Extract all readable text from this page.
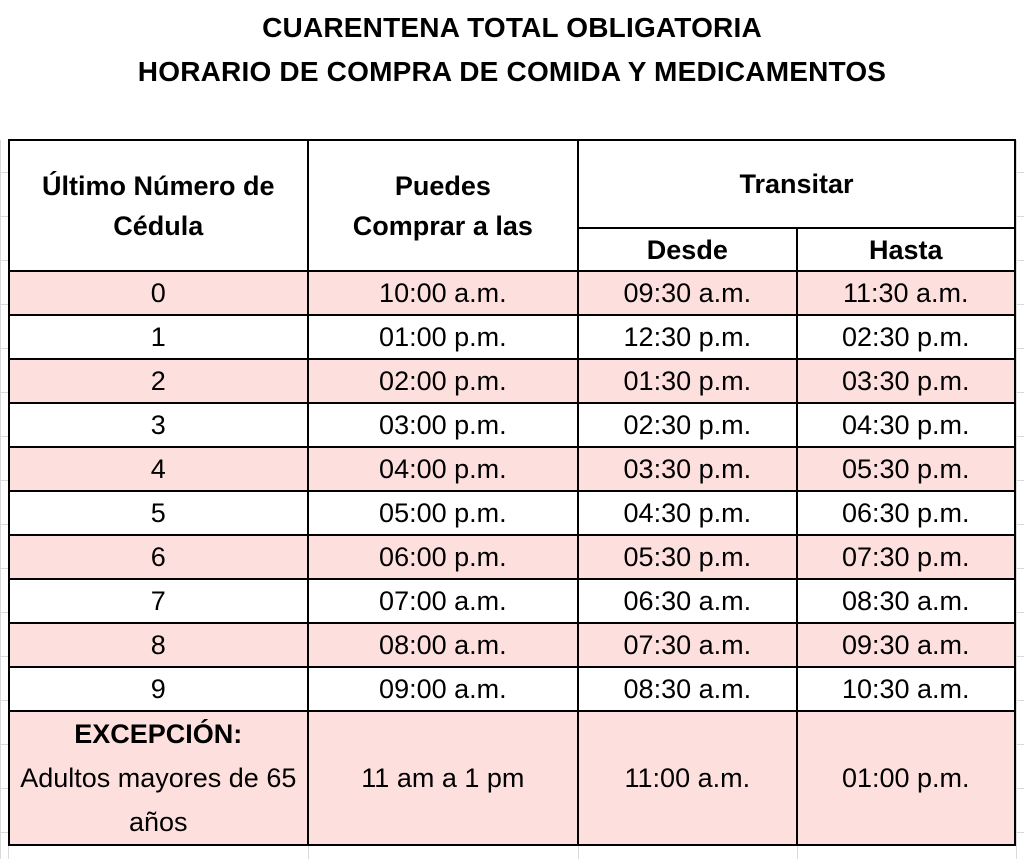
CUARENTENA TOTAL OBLIGATORIA
HORARIO DE COMPRA DE COMIDA Y MEDICAMENTOS
Último Número de Cédula	Puedes Comprar a las	Transitar	
		Desde	Hasta
0	10:00 a.m.	09:30 a.m.	11:30 a.m.
1	01:00 p.m.	12:30 p.m.	02:30 p.m.
2	02:00 p.m.	01:30 p.m.	03:30 p.m.
3	03:00 p.m.	02:30 p.m.	04:30 p.m.
4	04:00 p.m.	03:30 p.m.	05:30 p.m.
5	05:00 p.m.	04:30 p.m.	06:30 p.m.
6	06:00 p.m.	05:30 p.m.	07:30 p.m.
7	07:00 a.m.	06:30 a.m.	08:30 a.m.
8	08:00 a.m.	07:30 a.m.	09:30 a.m.
9	09:00 a.m.	08:30 a.m.	10:30 a.m.

EXCEPCIÓN:
Adultos mayores de 65 años	11 am a 1 pm	11:00 a.m.	01:00 p.m.
